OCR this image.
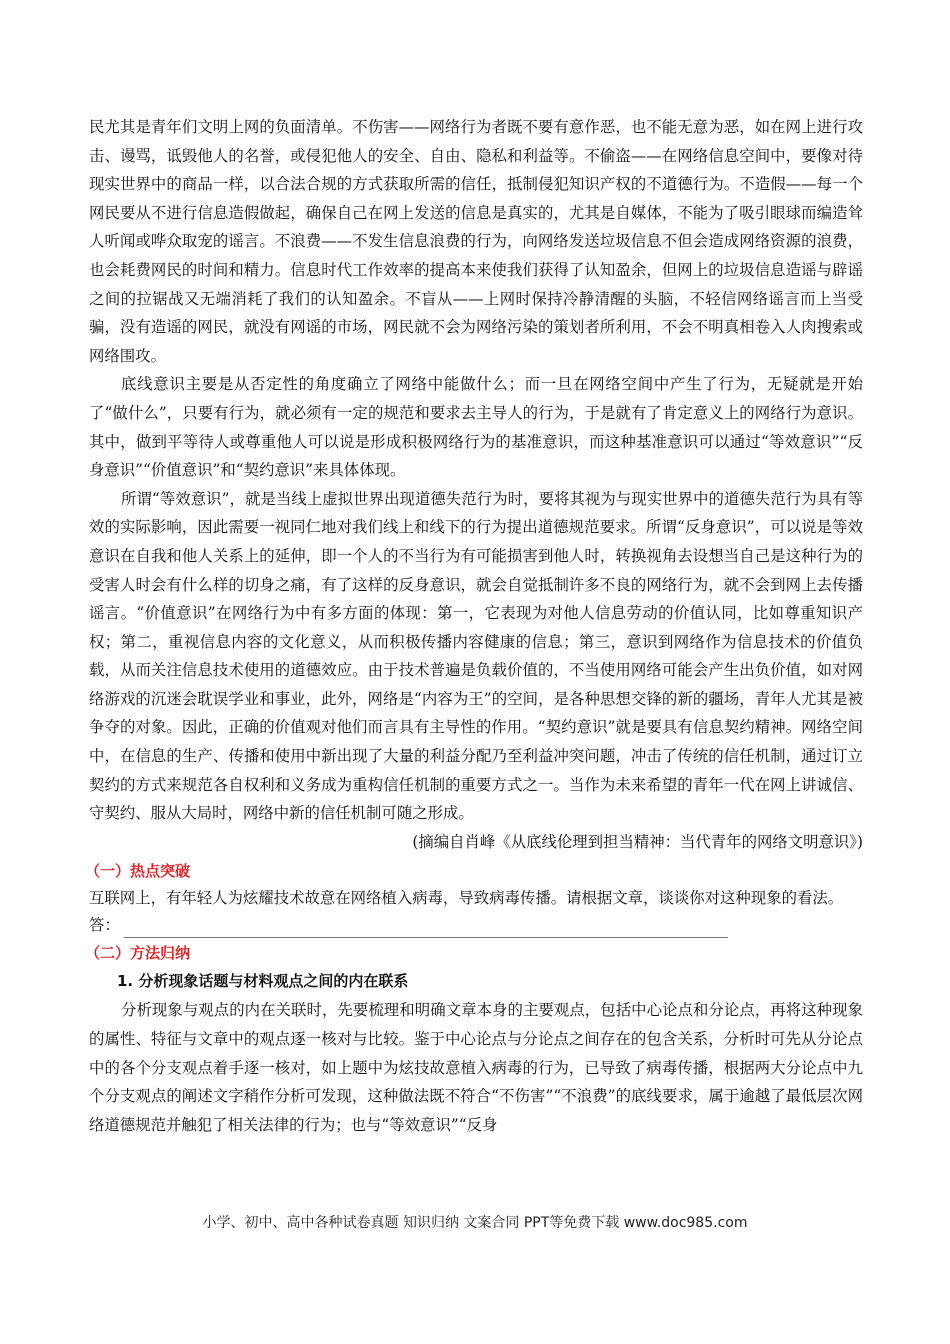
民尤其是青年们文明上网的负面清单。不伤害——网络行为者既不要有意作恶，也不能无意为恶，如在网上进行攻击、谩骂，诋毁他人的名誉，或侵犯他人的安全、自由、隐私和利益等。不偷盗——在网络信息空间中，要像对待现实世界中的商品一样，以合法合规的方式获取所需的信任，抵制侵犯知识产权的不道德行为。不造假——每一个网民要从不进行信息造假做起，确保自己在网上发送的信息是真实的，尤其是自媒体，不能为了吸引眼球而编造耸人听闻或哗众取宠的谣言。不浪费——不发生信息浪费的行为，向网络发送垃圾信息不但会造成网络资源的浪费，也会耗费网民的时间和精力。信息时代工作效率的提高本来使我们获得了认知盈余，但网上的垃圾信息造谣与辟谣之间的拉锯战又无端消耗了我们的认知盈余。不盲从——上网时保持冷静清醒的头脑，不轻信网络谣言而上当受骗，没有造谣的网民，就没有网谣的市场，网民就不会为网络污染的策划者所利用，不会不明真相卷入人肉搜索或网络围攻。

底线意识主要是从否定性的角度确立了网络中能做什么；而一旦在网络空间中产生了行为，无疑就是开始了“做什么”，只要有行为，就必须有一定的规范和要求去主导人的行为，于是就有了肯定意义上的网络行为意识。其中，做到平等待人或尊重他人可以说是形成积极网络行为的基准意识，而这种基准意识可以通过“等效意识”“反身意识”“价值意识”和“契约意识”来具体体现。

所谓“等效意识”，就是当线上虚拟世界出现道德失范行为时，要将其视为与现实世界中的道德失范行为具有等效的实际影响，因此需要一视同仁地对我们线上和线下的行为提出道德规范要求。所谓“反身意识”，可以说是等效意识在自我和他人关系上的延伸，即一个人的不当行为有可能损害到他人时，转换视角去设想当自己是这种行为的受害人时会有什么样的切身之痛，有了这样的反身意识，就会自觉抵制许多不良的网络行为，就不会到网上去传播谣言。“价值意识”在网络行为中有多方面的体现：第一，它表现为对他人信息劳动的价值认同，比如尊重知识产权；第二，重视信息内容的文化意义，从而积极传播内容健康的信息；第三，意识到网络作为信息技术的价值负载，从而关注信息技术使用的道德效应。由于技术普遍是负载价值的，不当使用网络可能会产生出负价值，如对网络游戏的沉迷会耽误学业和事业，此外，网络是“内容为王”的空间，是各种思想交锋的新的疆场，青年人尤其是被争夺的对象。因此，正确的价值观对他们而言具有主导性的作用。“契约意识”就是要具有信息契约精神。网络空间中，在信息的生产、传播和使用中新出现了大量的利益分配乃至利益冲突问题，冲击了传统的信任机制，通过订立契约的方式来规范各自权利和义务成为重构信任机制的重要方式之一。当作为未来希望的青年一代在网上讲诚信、守契约、服从大局时，网络中新的信任机制可随之形成。

(摘编自肖峰《从底线伦理到担当精神：当代青年的网络文明意识》)

（一）热点突破

互联网上，有年轻人为炫耀技术故意在网络植入病毒，导致病毒传播。请根据文章，谈谈你对这种现象的看法。

答：
（二）方法归纳

1. 分析现象话题与材料观点之间的内在联系

分析现象与观点的内在关联时，先要梳理和明确文章本身的主要观点，包括中心论点和分论点，再将这种现象的属性、特征与文章中的观点逐一核对与比较。鉴于中心论点与分论点之间存在的包含关系，分析时可先从分论点中的各个分支观点着手逐一核对，如上题中为炫技故意植入病毒的行为，已导致了病毒传播，根据两大分论点中九个分支观点的阐述文字稍作分析可发现，这种做法既不符合“不伤害”“不浪费”的底线要求，属于逾越了最低层次网络道德规范并触犯了相关法律的行为；也与“等效意识”“反身

小学、初中、高中各种试卷真题 知识归纳 文案合同 PPT等免费下载 www.doc985.com
